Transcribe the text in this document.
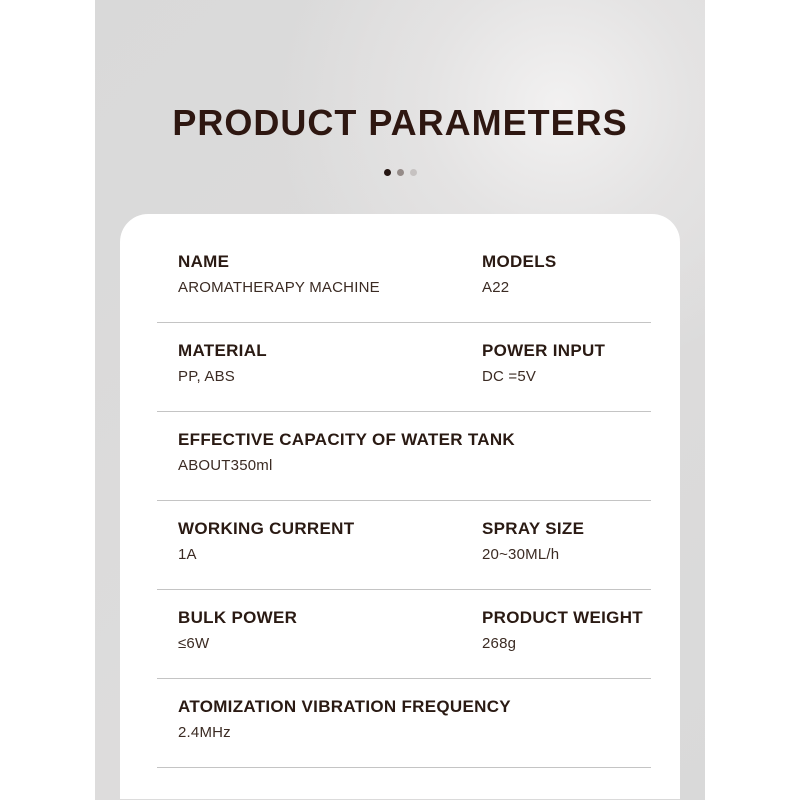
PRODUCT PARAMETERS
NAME
AROMATHERAPY MACHINE
MODELS
A22
MATERIAL
PP, ABS
POWER INPUT
DC =5V
EFFECTIVE CAPACITY OF WATER TANK
ABOUT350ml
WORKING CURRENT
1A
SPRAY SIZE
20~30ML/h
BULK POWER
≤6W
PRODUCT WEIGHT
268g
ATOMIZATION VIBRATION FREQUENCY
2.4MHz
